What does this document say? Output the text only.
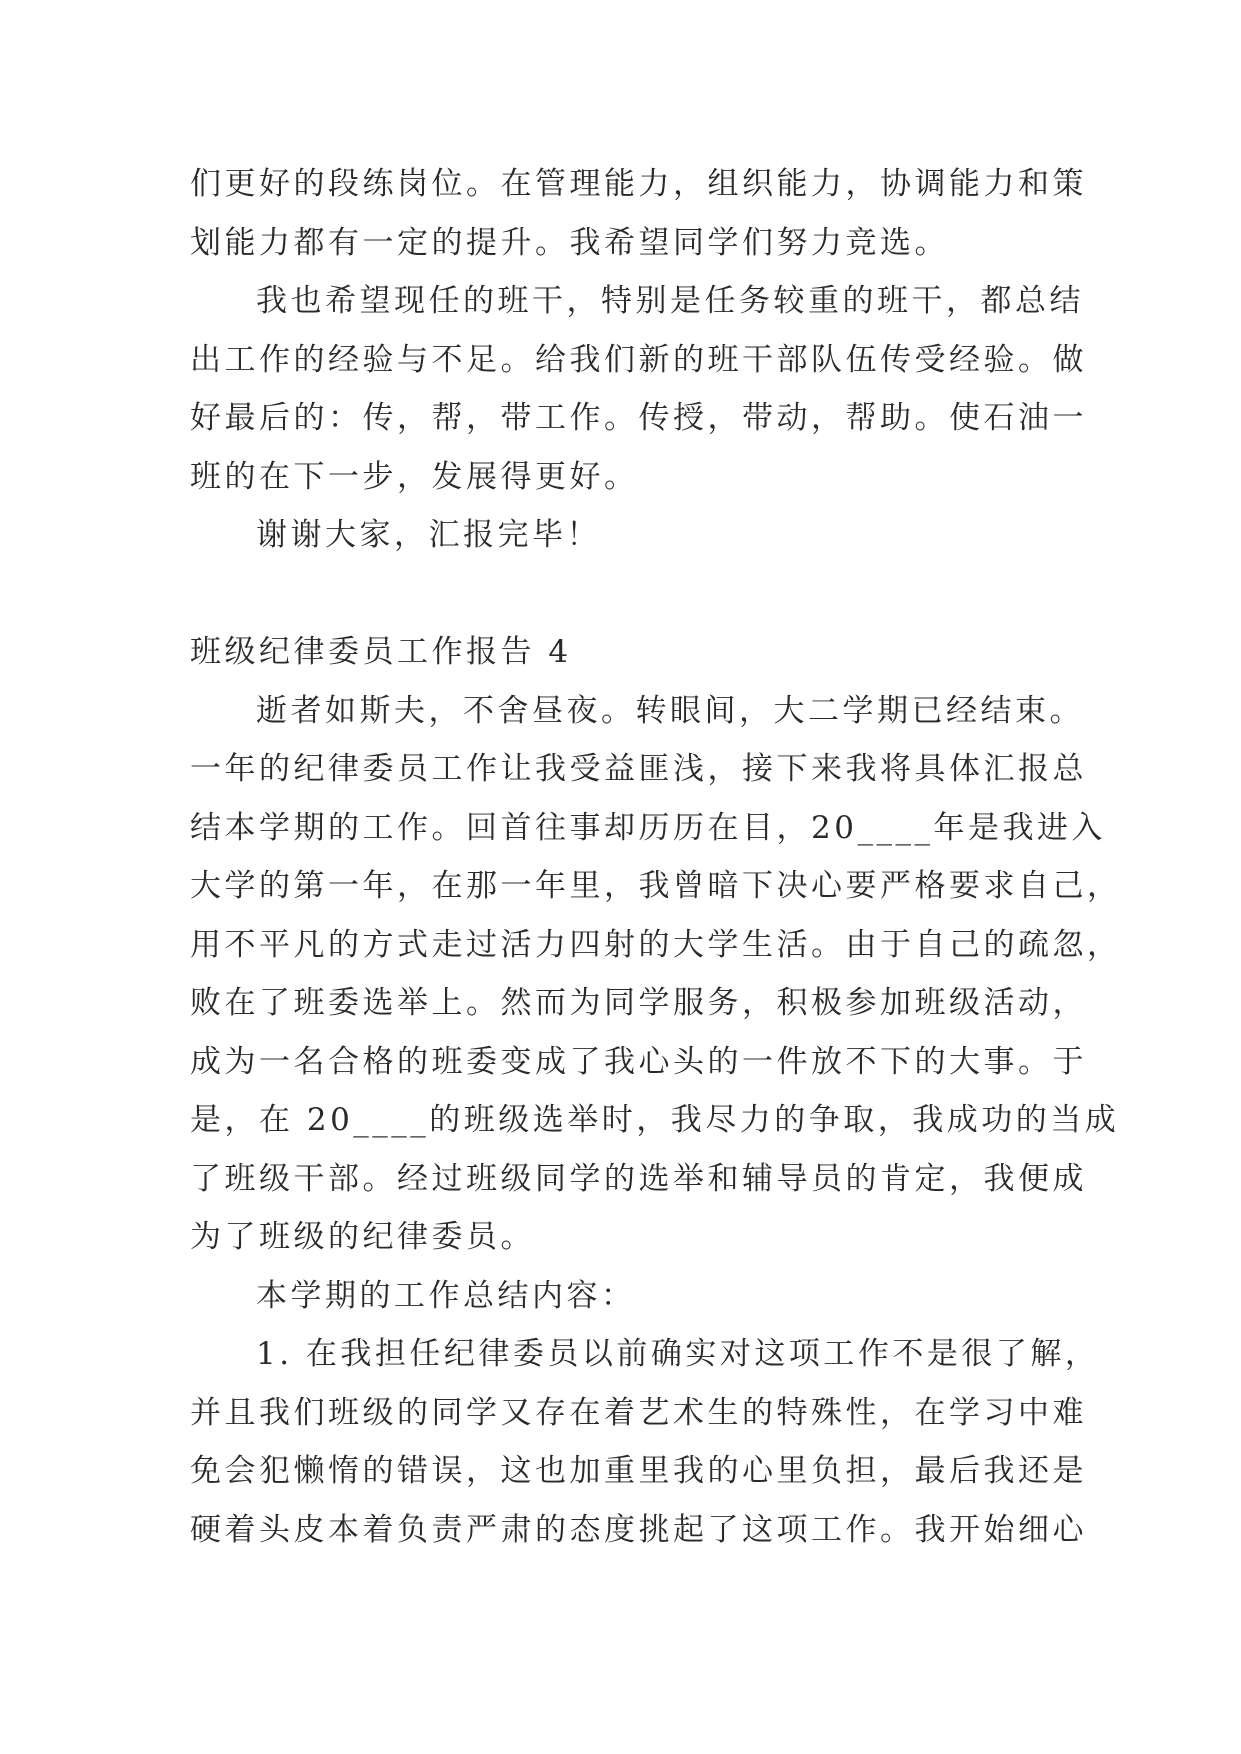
们更好的段练岗位。在管理能力，组织能力，协调能力和策
划能力都有一定的提升。我希望同学们努力竞选。
我也希望现任的班干，特别是任务较重的班干，都总结
出工作的经验与不足。给我们新的班干部队伍传受经验。做
好最后的：传，帮，带工作。传授，带动，帮助。使石油一
班的在下一步，发展得更好。
谢谢大家，汇报完毕！
班级纪律委员工作报告 4
逝者如斯夫，不舍昼夜。转眼间，大二学期已经结束。
一年的纪律委员工作让我受益匪浅，接下来我将具体汇报总
结本学期的工作。回首往事却历历在目，20____年是我进入
大学的第一年，在那一年里，我曾暗下决心要严格要求自己，
用不平凡的方式走过活力四射的大学生活。由于自己的疏忽，
败在了班委选举上。然而为同学服务，积极参加班级活动，
成为一名合格的班委变成了我心头的一件放不下的大事。于
是，在 20____的班级选举时，我尽力的争取，我成功的当成
了班级干部。经过班级同学的选举和辅导员的肯定，我便成
为了班级的纪律委员。
本学期的工作总结内容：
1. 在我担任纪律委员以前确实对这项工作不是很了解，
并且我们班级的同学又存在着艺术生的特殊性，在学习中难
免会犯懒惰的错误，这也加重里我的心里负担，最后我还是
硬着头皮本着负责严肃的态度挑起了这项工作。我开始细心
